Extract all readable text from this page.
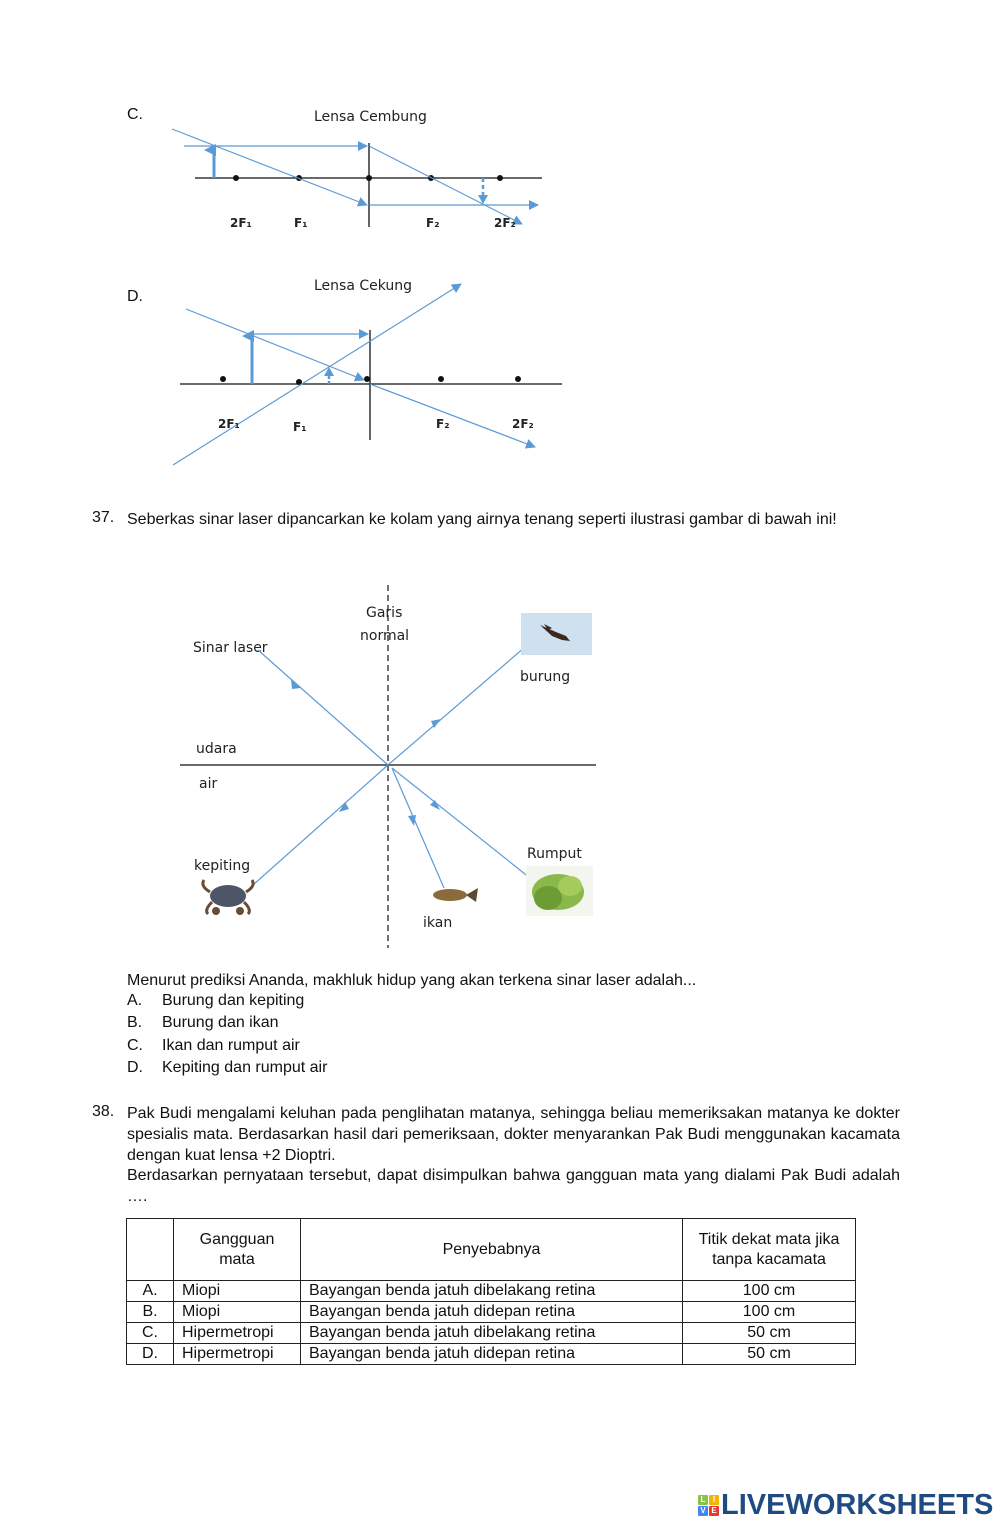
C.	Lensa Cembung
2F₁	F₁	F₂	2F₂
D.
Lensa Cekung
2F₁	F₁	F₂	2F₂
37. Seberkas sinar laser dipancarkan ke kolam yang airnya tenang seperti ilustrasi gambar di bawah ini!
Garis
normal
Sinar laser
udara
air
burung
kepiting
ikan
Rumput
Menurut prediksi Ananda, makhluk hidup yang akan terkena sinar laser adalah...
A. Burung dan kepiting
B. Burung dan ikan
C. Ikan dan rumput air
D. Kepiting dan rumput air
38. Pak Budi mengalami keluhan pada penglihatan matanya, sehingga beliau memeriksakan matanya ke dokter spesialis mata. Berdasarkan hasil dari pemeriksaan, dokter menyarankan Pak Budi menggunakan kacamata dengan kuat lensa +2 Dioptri.
Berdasarkan pernyataan tersebut, dapat disimpulkan bahwa gangguan mata yang dialami Pak Budi adalah ….
	Gangguan mata	Penyebabnya	Titik dekat mata jika tanpa kacamata
A.	Miopi	Bayangan benda jatuh dibelakang retina	100 cm
B.	Miopi	Bayangan benda jatuh didepan retina	100 cm
C.	Hipermetropi	Bayangan benda jatuh dibelakang retina	50 cm
D.	Hipermetropi	Bayangan benda jatuh didepan retina	50 cm
L I
V E LIVEWORKSHEETS
